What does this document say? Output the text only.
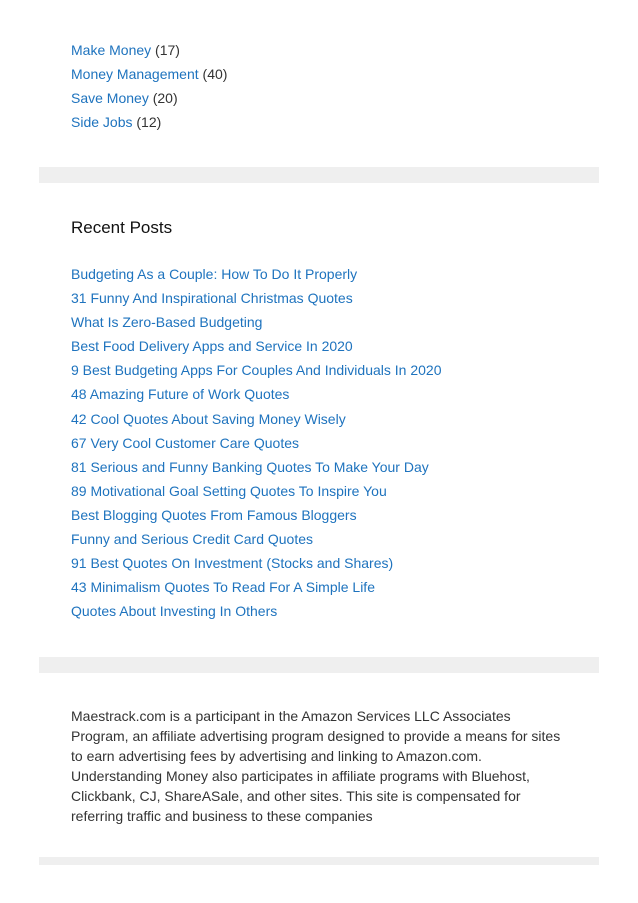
Make Money (17)
Money Management (40)
Save Money (20)
Side Jobs (12)
Recent Posts
Budgeting As a Couple: How To Do It Properly
31 Funny And Inspirational Christmas Quotes
What Is Zero-Based Budgeting
Best Food Delivery Apps and Service In 2020
9 Best Budgeting Apps For Couples And Individuals In 2020
48 Amazing Future of Work Quotes
42 Cool Quotes About Saving Money Wisely
67 Very Cool Customer Care Quotes
81 Serious and Funny Banking Quotes To Make Your Day
89 Motivational Goal Setting Quotes To Inspire You
Best Blogging Quotes From Famous Bloggers
Funny and Serious Credit Card Quotes
91 Best Quotes On Investment (Stocks and Shares)
43 Minimalism Quotes To Read For A Simple Life
Quotes About Investing In Others

Maestrack.com is a participant in the Amazon Services LLC Associates Program, an affiliate advertising program designed to provide a means for sites to earn advertising fees by advertising and linking to Amazon.com. Understanding Money also participates in affiliate programs with Bluehost, Clickbank, CJ, ShareASale, and other sites. This site is compensated for referring traffic and business to these companies
